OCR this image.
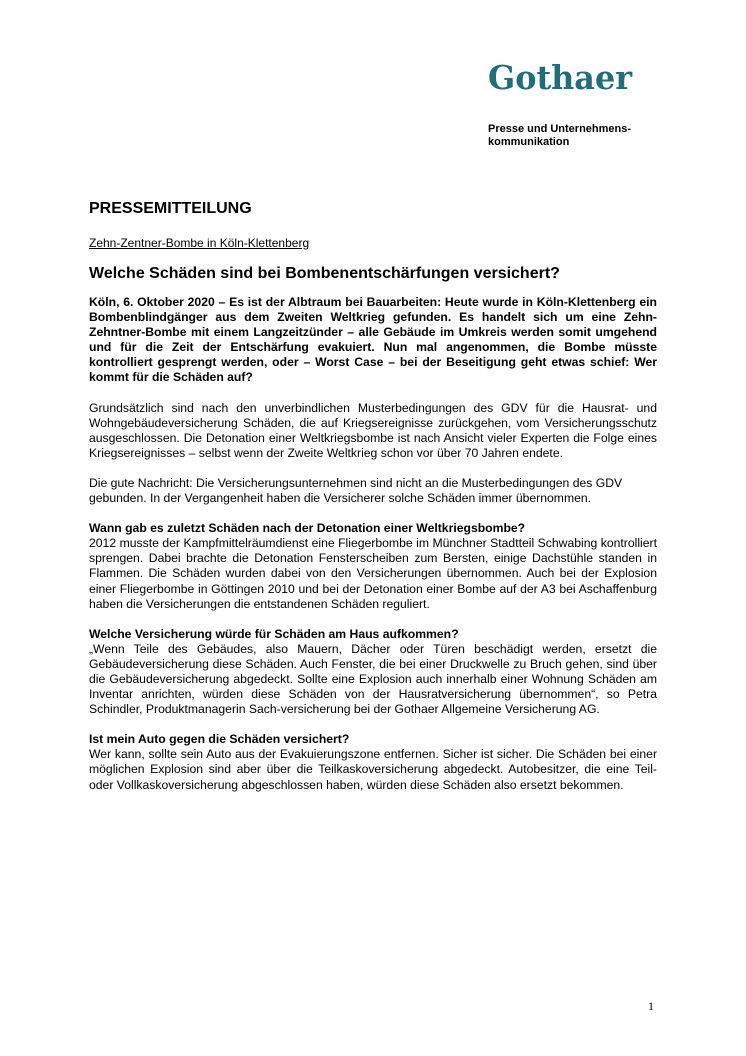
Gothaer
Presse und Unternehmens-
kommunikation
PRESSEMITTEILUNG
Zehn-Zentner-Bombe in Köln-Klettenberg
Welche Schäden sind bei Bombenentschärfungen versichert?

Köln, 6. Oktober 2020 – Es ist der Albtraum bei Bauarbeiten: Heute wurde in Köln-Klettenberg ein Bombenblindgänger aus dem Zweiten Weltkrieg gefunden. Es handelt sich um eine Zehn-Zehntner-Bombe mit einem Langzeitzünder – alle Gebäude im Umkreis werden somit umgehend und für die Zeit der Entschärfung evakuiert. Nun mal angenommen, die Bombe müsste kontrolliert gesprengt werden, oder – Worst Case – bei der Beseitigung geht etwas schief: Wer kommt für die Schäden auf?

Grundsätzlich sind nach den unverbindlichen Musterbedingungen des GDV für die Hausrat- und Wohngebäudeversicherung Schäden, die auf Kriegsereignisse zurückgehen, vom Versicherungsschutz ausgeschlossen. Die Detonation einer Weltkriegsbombe ist nach Ansicht vieler Experten die Folge eines Kriegsereignisses – selbst wenn der Zweite Weltkrieg schon vor über 70 Jahren endete.

Die gute Nachricht: Die Versicherungsunternehmen sind nicht an die Musterbedingungen des GDV gebunden. In der Vergangenheit haben die Versicherer solche Schäden immer übernommen.

Wann gab es zuletzt Schäden nach der Detonation einer Weltkriegsbombe?
2012 musste der Kampfmittelräumdienst eine Fliegerbombe im Münchner Stadtteil Schwabing kontrolliert sprengen. Dabei brachte die Detonation Fensterscheiben zum Bersten, einige Dachstühle standen in Flammen. Die Schäden wurden dabei von den Versicherungen übernommen. Auch bei der Explosion einer Fliegerbombe in Göttingen 2010 und bei der Detonation einer Bombe auf der A3 bei Aschaffenburg haben die Versicherungen die entstandenen Schäden reguliert.
Welche Versicherung würde für Schäden am Haus aufkommen?
„Wenn Teile des Gebäudes, also Mauern, Dächer oder Türen beschädigt werden, ersetzt die Gebäudeversicherung diese Schäden. Auch Fenster, die bei einer Druckwelle zu Bruch gehen, sind über die Gebäudeversicherung abgedeckt. Sollte eine Explosion auch innerhalb einer Wohnung Schäden am Inventar anrichten, würden diese Schäden von der Hausratversicherung übernommen“, so Petra Schindler, Produktmanagerin Sach-versicherung bei der Gothaer Allgemeine Versicherung AG.
Ist mein Auto gegen die Schäden versichert?
Wer kann, sollte sein Auto aus der Evakuierungszone entfernen. Sicher ist sicher. Die Schäden bei einer möglichen Explosion sind aber über die Teilkaskoversicherung abgedeckt. Autobesitzer, die eine Teil- oder Vollkaskoversicherung abgeschlossen haben, würden diese Schäden also ersetzt bekommen.
1
